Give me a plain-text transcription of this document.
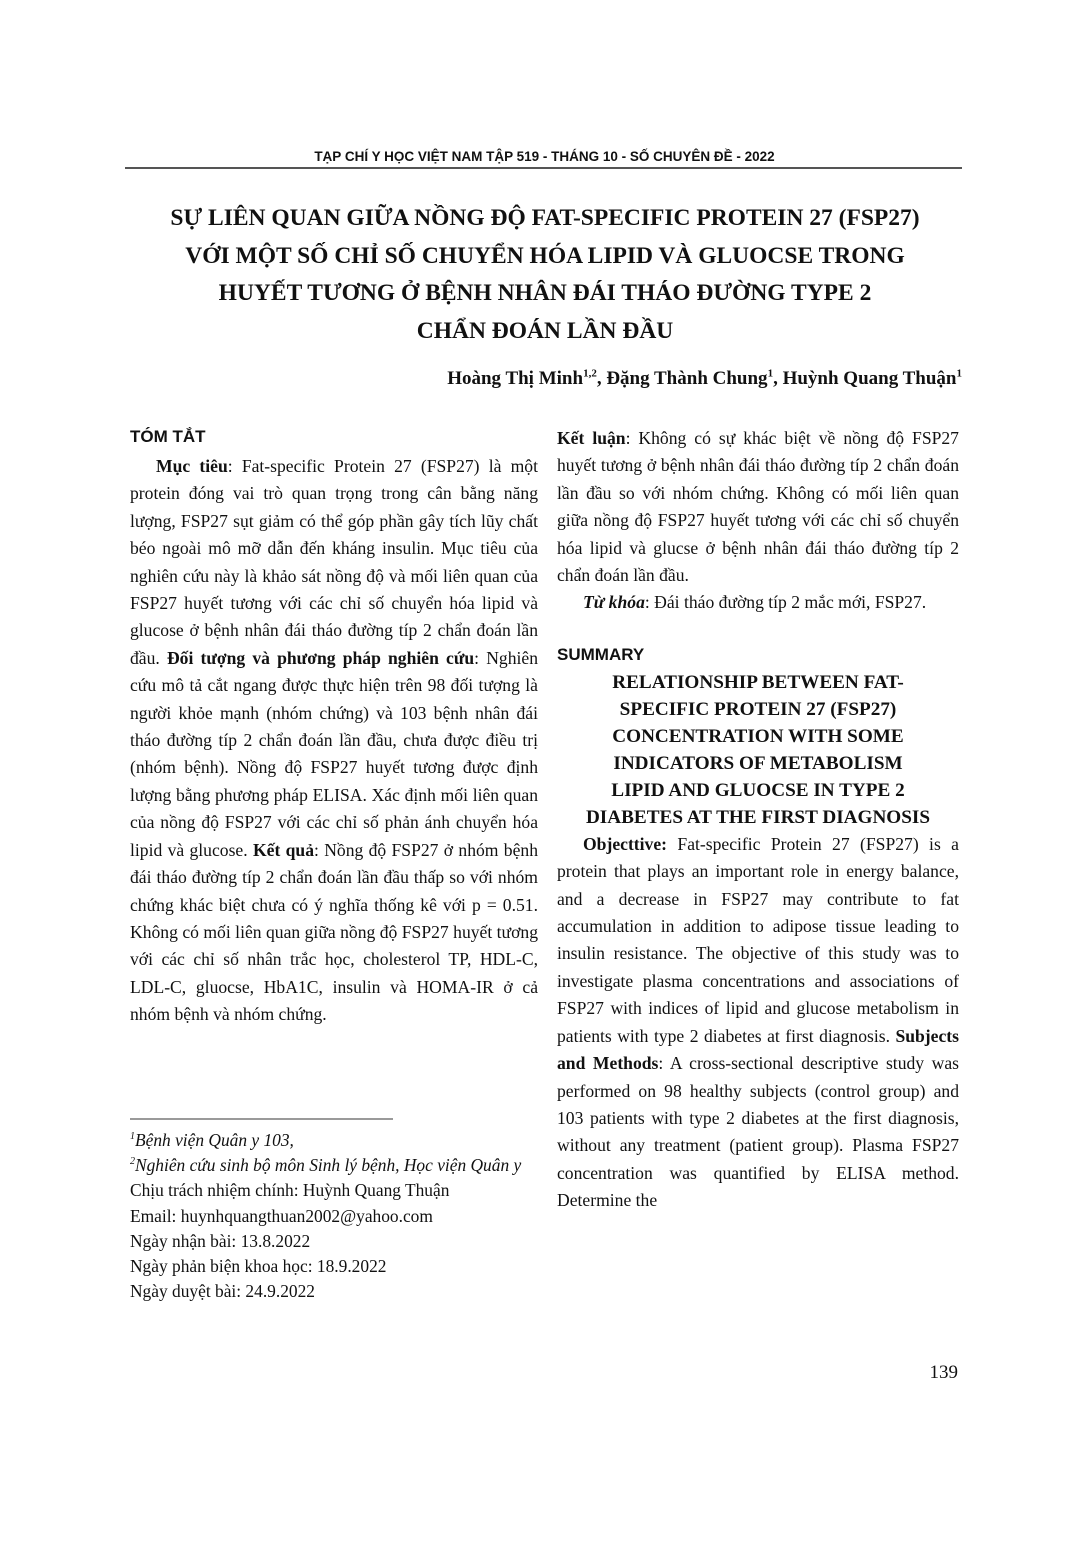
TẠP CHÍ Y HỌC VIỆT NAM TẬP 519 - THÁNG 10 - SỐ CHUYÊN ĐỀ - 2022
SỰ LIÊN QUAN GIỮA NỒNG ĐỘ FAT-SPECIFIC PROTEIN 27 (FSP27)
VỚI MỘT SỐ CHỈ SỐ CHUYỂN HÓA LIPID VÀ GLUOCSE TRONG
HUYẾT TƯƠNG Ở BỆNH NHÂN ĐÁI THÁO ĐƯỜNG TYPE 2
CHẨN ĐOÁN LẦN ĐẦU
Hoàng Thị Minh$^{1,2}$, Đặng Thành Chung$^1$, Huỳnh Quang Thuận$^1$
TÓM TẮT

Mục tiêu: Fat-specific Protein 27 (FSP27) là một protein đóng vai trò quan trọng trong cân bằng năng lượng, FSP27 sụt giảm có thể góp phần gây tích lũy chất béo ngoài mô mỡ dẫn đến kháng insulin. Mục tiêu của nghiên cứu này là khảo sát nồng độ và mối liên quan của FSP27 huyết tương với các chỉ số chuyển hóa lipid và glucose ở bệnh nhân đái tháo đường típ 2 chẩn đoán lần đầu. Đối tượng và phương pháp nghiên cứu: Nghiên cứu mô tả cắt ngang được thực hiện trên 98 đối tượng là người khỏe mạnh (nhóm chứng) và 103 bệnh nhân đái tháo đường típ 2 chẩn đoán lần đầu, chưa được điều trị (nhóm bệnh). Nồng độ FSP27 huyết tương được định lượng bằng phương pháp ELISA. Xác định mối liên quan của nồng độ FSP27 với các chỉ số phản ánh chuyển hóa lipid và glucose. Kết quả: Nồng độ FSP27 ở nhóm bệnh đái tháo đường típ 2 chẩn đoán lần đầu thấp so với nhóm chứng khác biệt chưa có ý nghĩa thống kê với p = 0.51. Không có mối liên quan giữa nồng độ FSP27 huyết tương với các chỉ số nhân trắc học, cholesterol TP, HDL-C, LDL-C, gluocse, HbA1C, insulin và HOMA-IR ở cả nhóm bệnh và nhóm chứng.

$^1$Bệnh viện Quân y 103,
$^2$Nghiên cứu sinh bộ môn Sinh lý bệnh, Học viện Quân y
Chịu trách nhiệm chính: Huỳnh Quang Thuận
Email: huynhquangthuan2002@yahoo.com
Ngày nhận bài: 13.8.2022
Ngày phản biện khoa học: 18.9.2022
Ngày duyệt bài: 24.9.2022

Kết luận: Không có sự khác biệt về nồng độ FSP27 huyết tương ở bệnh nhân đái tháo đường típ 2 chẩn đoán lần đầu so với nhóm chứng. Không có mối liên quan giữa nồng độ FSP27 huyết tương với các chỉ số chuyển hóa lipid và glucse ở bệnh nhân đái tháo đường típ 2 chẩn đoán lần đầu.

Từ khóa: Đái tháo đường típ 2 mắc mới, FSP27.

SUMMARY
RELATIONSHIP BETWEEN FAT-
SPECIFIC PROTEIN 27 (FSP27)
CONCENTRATION WITH SOME
INDICATORS OF METABOLISM
LIPID AND GLUOCSE IN TYPE 2
DIABETES AT THE FIRST DIAGNOSIS

Objecttive: Fat-specific Protein 27 (FSP27) is a protein that plays an important role in energy balance, and a decrease in FSP27 may contribute to fat accumulation in addition to adipose tissue leading to insulin resistance. The objective of this study was to investigate plasma concentrations and associations of FSP27 with indices of lipid and glucose metabolism in patients with type 2 diabetes at first diagnosis. Subjects and Methods: A cross-sectional descriptive study was performed on 98 healthy subjects (control group) and 103 patients with type 2 diabetes at the first diagnosis, without any treatment (patient group). Plasma FSP27 concentration was quantified by ELISA method. Determine the

139
